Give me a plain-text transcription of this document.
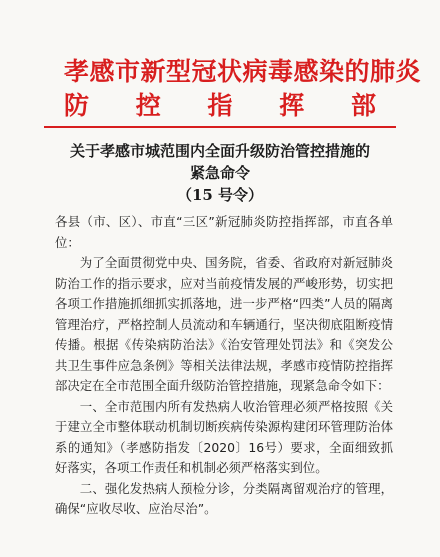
孝感市新型冠状病毒感染的肺炎
防 控 指 挥 部
关于孝感市城范围内全面升级防治管控措施的
紧急命令
（15 号令）

各县（市、区）、市直“三区”新冠肺炎防控指挥部，市直各单位：

为了全面贯彻党中央、国务院，省委、省政府对新冠肺炎防治工作的指示要求，应对当前疫情发展的严峻形势，切实把各项工作措施抓细抓实抓落地，进一步严格“四类”人员的隔离管理治疗，严格控制人员流动和车辆通行，坚决彻底阻断疫情传播。根据《传染病防治法》《治安管理处罚法》和《突发公共卫生事件应急条例》等相关法律法规，孝感市疫情防控指挥部决定在全市范围全面升级防治管控措施，现紧急命令如下：

一、全市范围内所有发热病人收治管理必须严格按照《关于建立全市整体联动机制切断疾病传染源构建闭环管理防治体系的通知》（孝感防指发〔2020〕16号）要求，全面细致抓好落实，各项工作责任和机制必须严格落实到位。

二、强化发热病人预检分诊，分类隔离留观治疗的管理，确保“应收尽收、应治尽治”。
